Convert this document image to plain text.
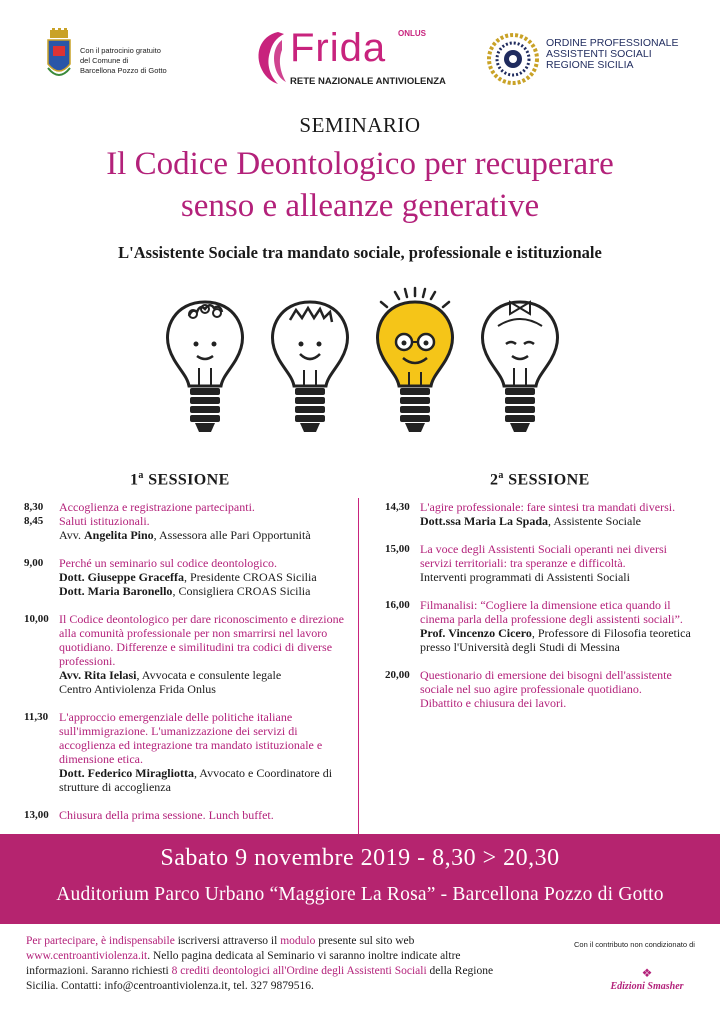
Con il patrocinio gratuito
del Comune di
Barcellona Pozzo di Gotto
Frida ONLUS
RETE NAZIONALE ANTIVIOLENZA
ORDINE PROFESSIONALE
ASSISTENTI SOCIALI
REGIONE SICILIA
SEMINARIO
Il Codice Deontologico per recuperare
senso e alleanze generative
L'Assistente Sociale tra mandato sociale, professionale e istituzionale
1$^a$ SESSIONE	2$^a$ SESSIONE
8,30
8,45
Accoglienza e registrazione partecipanti.
Saluti istituzionali.
Avv. Angelita Pino, Assessora alle Pari Opportunità
9,00	Perché un seminario sul codice deontologico.
Dott. Giuseppe Graceffa, Presidente CROAS Sicilia
Dott. Maria Baronello, Consigliera CROAS Sicilia
10,00 Il Codice deontologico per dare riconoscimento e direzione alla comunità professionale per non smarrirsi nel lavoro quotidiano. Differenze e similitudini tra codici di diverse professioni.
Avv. Rita Ielasi, Avvocata e consulente legale
Centro Antiviolenza Frida Onlus
11,30 L'approccio emergenziale delle politiche italiane sull'immigrazione. L'umanizzazione dei servizi di accoglienza ed integrazione tra mandato istituzionale e dimensione etica.
Dott. Federico Miragliotta, Avvocato e Coordinatore di strutture di accoglienza
13,00 Chiusura della prima sessione. Lunch buffet.
14,30 L'agire professionale: fare sintesi tra mandati diversi.
Dott.ssa Maria La Spada, Assistente Sociale
15,00 La voce degli Assistenti Sociali operanti nei diversi servizi territoriali: tra speranze e difficoltà.
Interventi programmati di Assistenti Sociali
16,00 Filmanalisi: “Cogliere la dimensione etica quando il cinema parla della professione degli assistenti sociali”.
Prof. Vincenzo Cicero, Professore di Filosofia teoretica presso l'Università degli Studi di Messina
20,00 Questionario di emersione dei bisogni dell'assistente sociale nel suo agire professionale quotidiano.
Dibattito e chiusura dei lavori.
Sabato 9 novembre 2019 - 8,30 > 20,30
Auditorium Parco Urbano “Maggiore La Rosa” - Barcellona Pozzo di Gotto
Per partecipare, è indispensabile iscriversi attraverso il modulo presente sul sito web www.centroantiviolenza.it. Nello pagina dedicata al Seminario vi saranno inoltre indicate altre informazioni. Saranno richiesti 8 crediti deontologici all'Ordine degli Assistenti Sociali della Regione Sicilia. Contatti: info@centroantiviolenza.it, tel. 327 9879516.
Con il contributo non condizionato di
❖
Edizioni Smasher
